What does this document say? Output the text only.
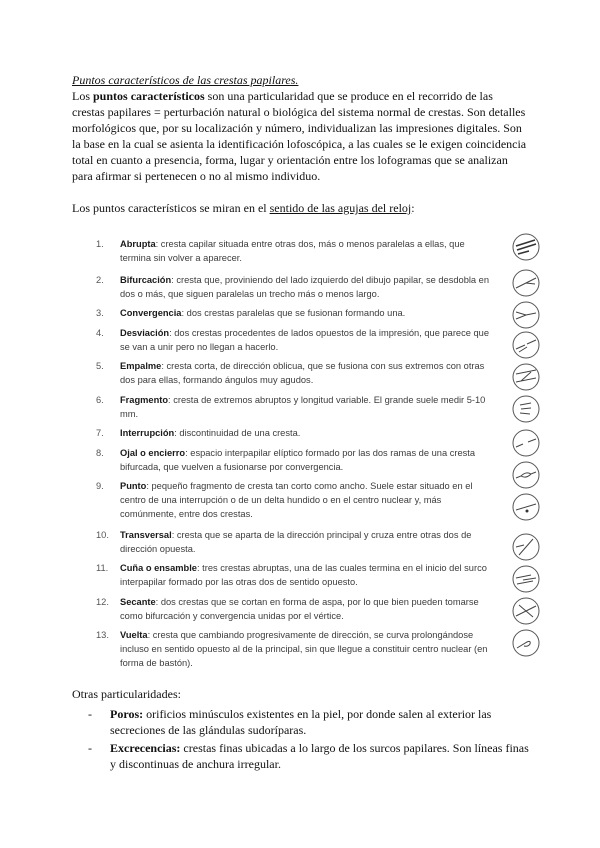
Puntos característicos de las crestas papilares.
Los puntos característicos son una particularidad que se produce en el recorrido de las crestas papilares = perturbación natural o biológica del sistema normal de crestas. Son detalles morfológicos que, por su localización y número, individualizan las impresiones digitales. Son la base en la cual se asienta la identificación lofoscópica, a las cuales se le exigen coincidencia total en cuanto a presencia, forma, lugar y orientación entre los lofogramas que se analizan para afirmar si pertenecen o no al mismo individuo.
Los puntos característicos se miran en el sentido de las agujas del reloj:
1.	Abrupta: cresta capilar situada entre otras dos, más o menos paralelas a ellas, que termina sin volver a aparecer.
2.	Bifurcación: cresta que, proviniendo del lado izquierdo del dibujo papilar, se desdobla en dos o más, que siguen paralelas un trecho más o menos largo.
3.	Convergencia: dos crestas paralelas que se fusionan formando una.
4.	Desviación: dos crestas procedentes de lados opuestos de la impresión, que parece que se van a unir pero no llegan a hacerlo.
5.	Empalme: cresta corta, de dirección oblicua, que se fusiona con sus extremos con otras dos para ellas, formando ángulos muy agudos.
6.	Fragmento: cresta de extremos abruptos y longitud variable. El grande suele medir 5-10 mm.
7.	Interrupción: discontinuidad de una cresta.
8.	Ojal o encierro: espacio interpapilar elíptico formado por las dos ramas de una cresta bifurcada, que vuelven a fusionarse por convergencia.
9.	Punto: pequeño fragmento de cresta tan corto como ancho. Suele estar situado en el centro de una interrupción o de un delta hundido o en el centro nuclear y, más comúnmente, entre dos crestas.
10.	Transversal: cresta que se aparta de la dirección principal y cruza entre otras dos de dirección opuesta.
11.	Cuña o ensamble: tres crestas abruptas, una de las cuales termina en el inicio del surco interpapilar formado por las otras dos de sentido opuesto.
12.	Secante: dos crestas que se cortan en forma de aspa, por lo que bien pueden tomarse como bifurcación y convergencia unidas por el vértice.
13.	Vuelta: cresta que cambiando progresivamente de dirección, se curva prolongándose incluso en sentido opuesto al de la principal, sin que llegue a constituir centro nuclear (en forma de bastón).
Otras particularidades:
- Poros: orificios minúsculos existentes en la piel, por donde salen al exterior las secreciones de las glándulas sudoríparas.
- Excrecencias: crestas finas ubicadas a lo largo de los surcos papilares. Son líneas finas y discontinuas de anchura irregular.
